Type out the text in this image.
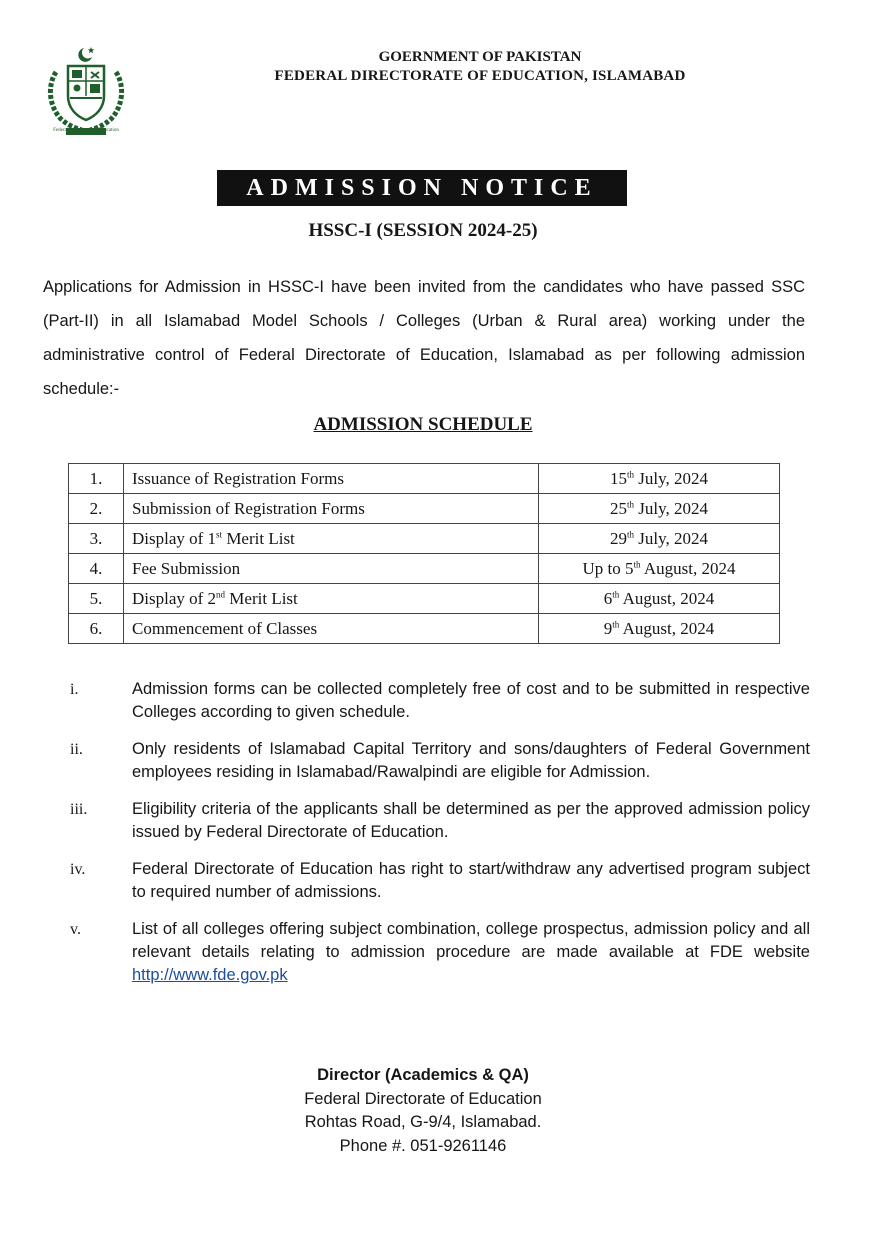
Federal Directorate of Education
GOERNMENT OF PAKISTAN
FEDERAL DIRECTORATE OF EDUCATION, ISLAMABAD
ADMISSION NOTICE
HSSC-I (SESSION 2024-25)
Applications for Admission in HSSC-I have been invited from the candidates who have passed SSC (Part-II) in all Islamabad Model Schools / Colleges (Urban & Rural area) working under the administrative control of Federal Directorate of Education, Islamabad as per following admission schedule:-
ADMISSION SCHEDULE
1.	Issuance of Registration Forms	15th July, 2024
2.	Submission of Registration Forms	25th July, 2024
3.	Display of 1st Merit List	29th July, 2024
4.	Fee Submission	Up to 5th August, 2024
5.	Display of 2nd Merit List	6th August, 2024
6.	Commencement of Classes	9th August, 2024
i.	Admission forms can be collected completely free of cost and to be submitted in respective Colleges according to given schedule.
ii.	Only residents of Islamabad Capital Territory and sons/daughters of Federal Government employees residing in Islamabad/Rawalpindi are eligible for Admission.
iii.	Eligibility criteria of the applicants shall be determined as per the approved admission policy issued by Federal Directorate of Education.
iv.	Federal Directorate of Education has right to start/withdraw any advertised program subject to required number of admissions.
v.	List of all colleges offering subject combination, college prospectus, admission policy and all relevant details relating to admission procedure are made available at FDE website http://www.fde.gov.pk
Director (Academics & QA)
Federal Directorate of Education
Rohtas Road, G-9/4, Islamabad.
Phone #. 051-9261146
